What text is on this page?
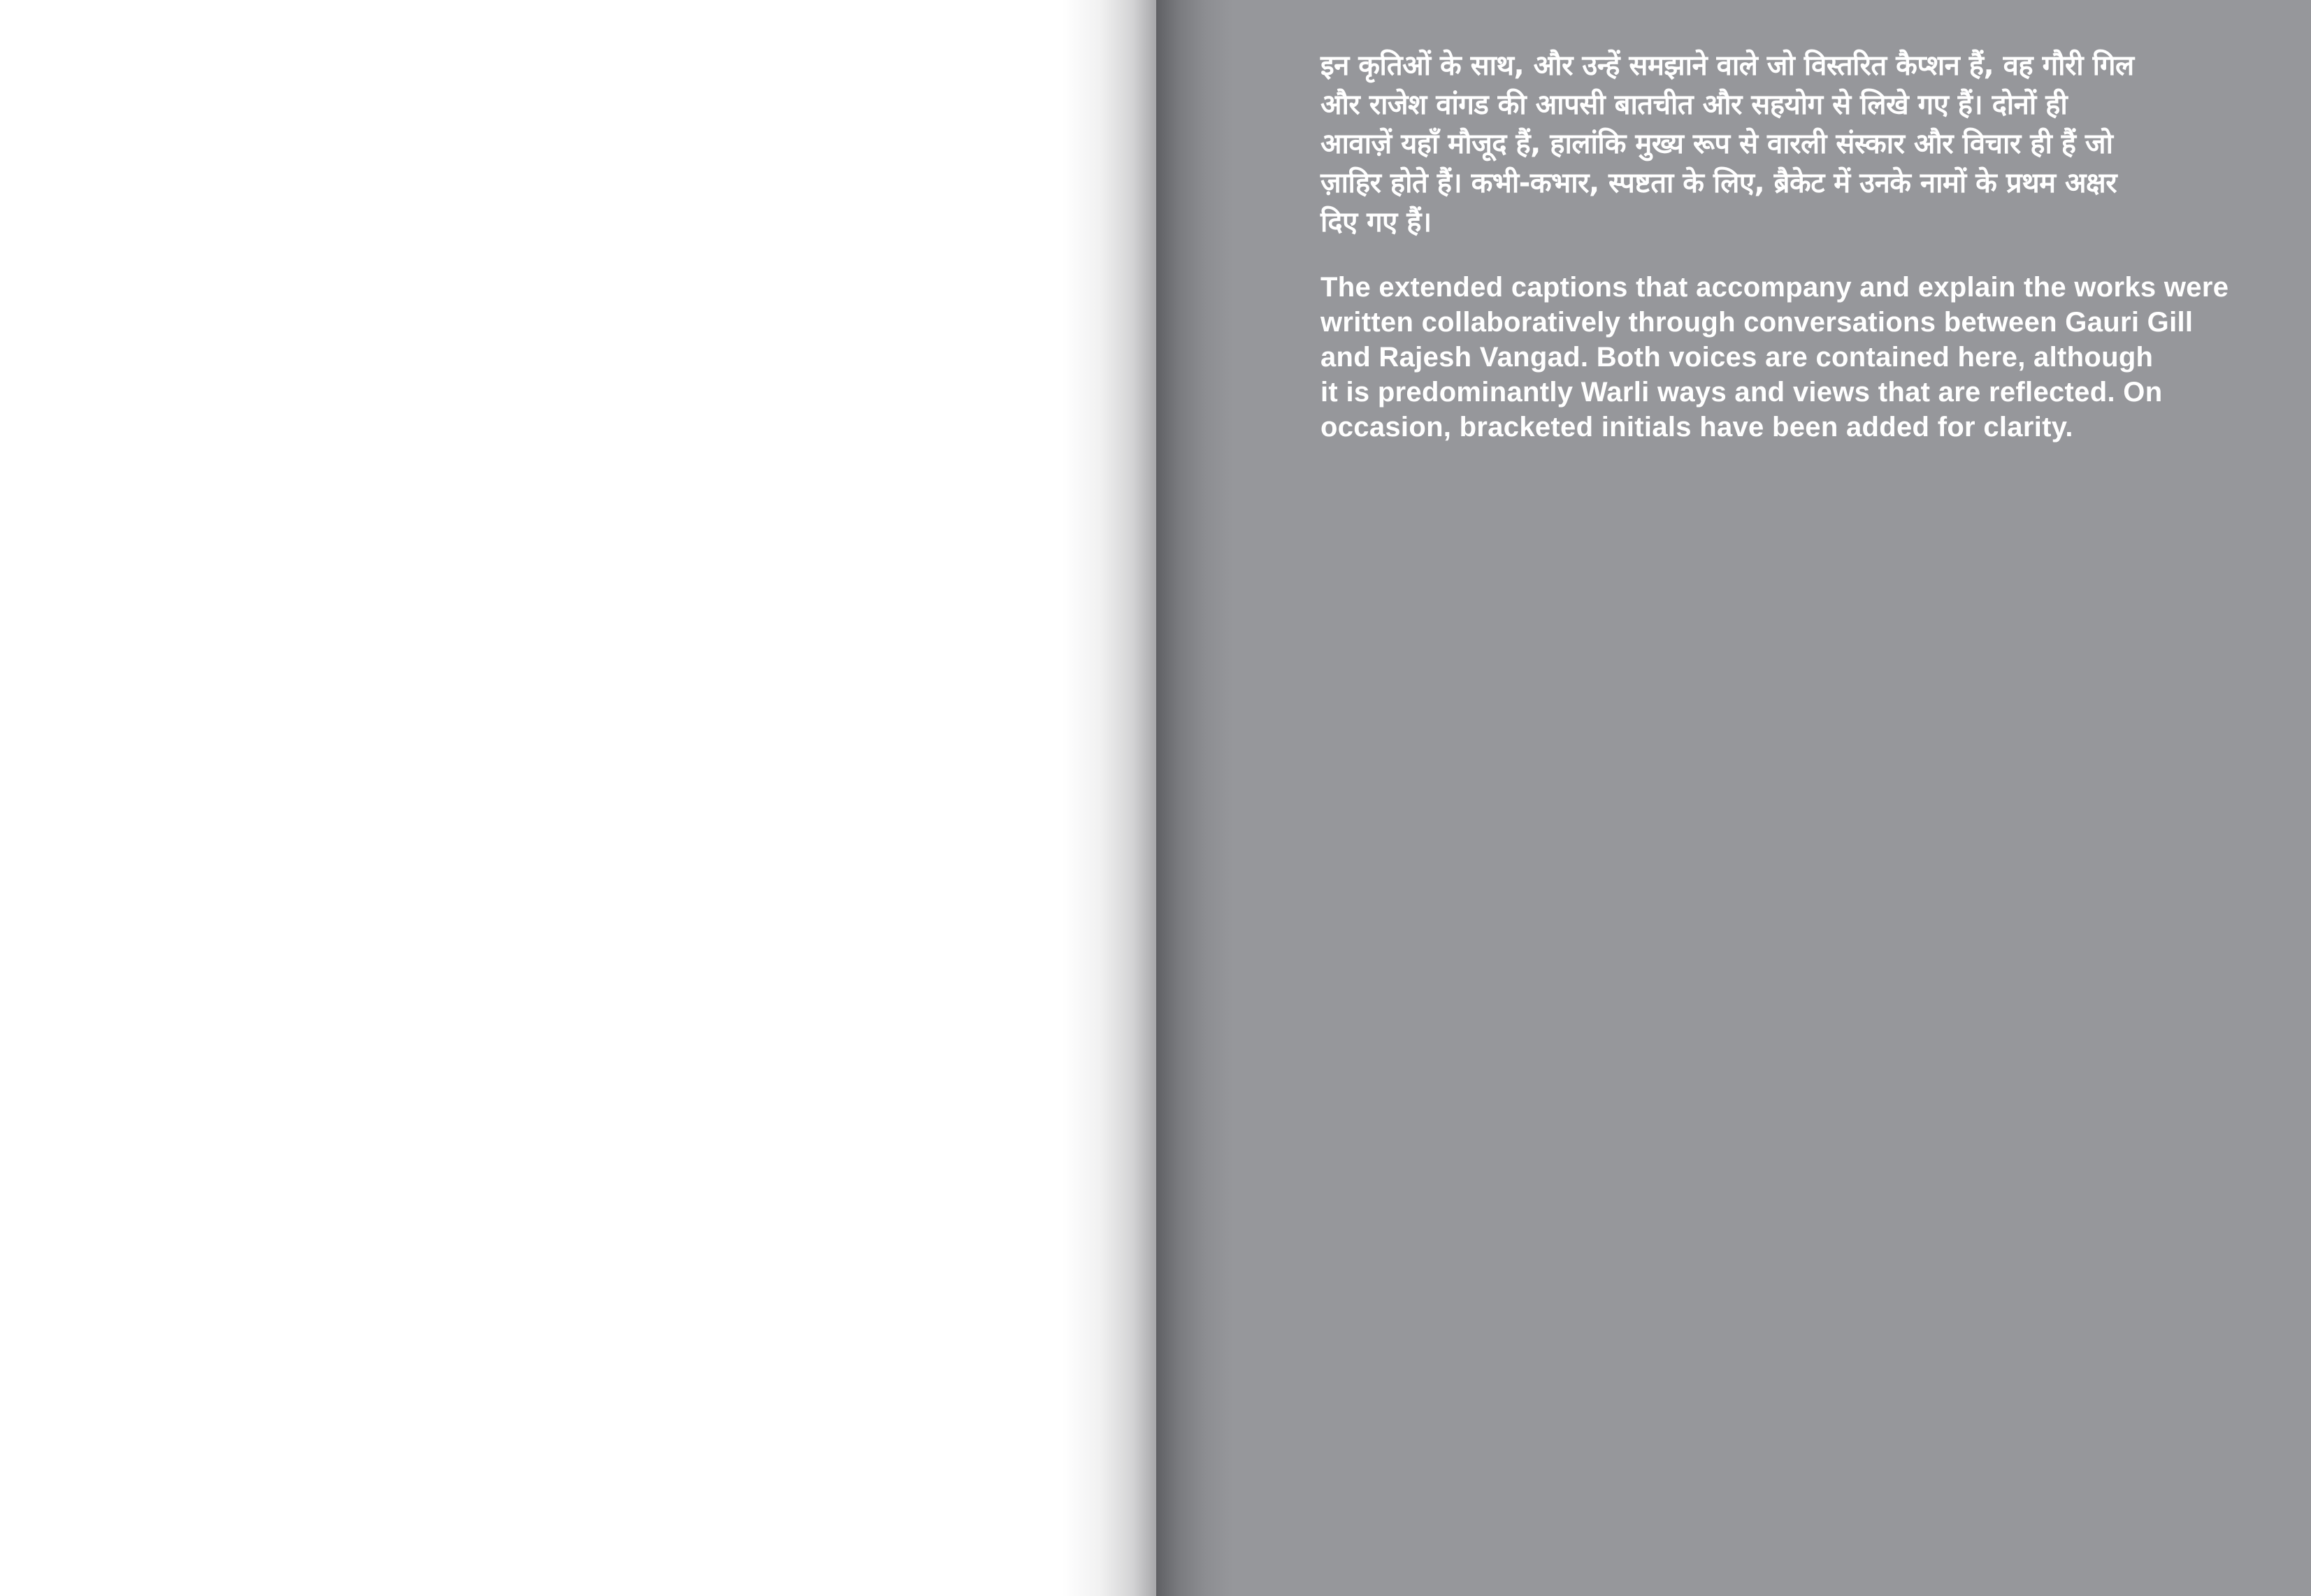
इन कृतिओं के साथ, और उन्हें समझाने वाले जो विस्तरित कैप्शन हैं, वह गौरी गिल
और राजेश वांगड की आपसी बातचीत और सहयोग से लिखे गए हैं। दोनों ही
आवाज़ें यहाँ मौजूद हैं, हालांकि मुख्य रूप से वारली संस्कार और विचार ही हैं जो
ज़ाहिर होते हैं। कभी-कभार, स्पष्टता के लिए, ब्रैकेट में उनके नामों के प्रथम अक्षर
दिए गए हैं।

The extended captions that accompany and explain the works were
written collaboratively through conversations between Gauri Gill
and Rajesh Vangad. Both voices are contained here, although
it is predominantly Warli ways and views that are reflected. On
occasion, bracketed initials have been added for clarity.
